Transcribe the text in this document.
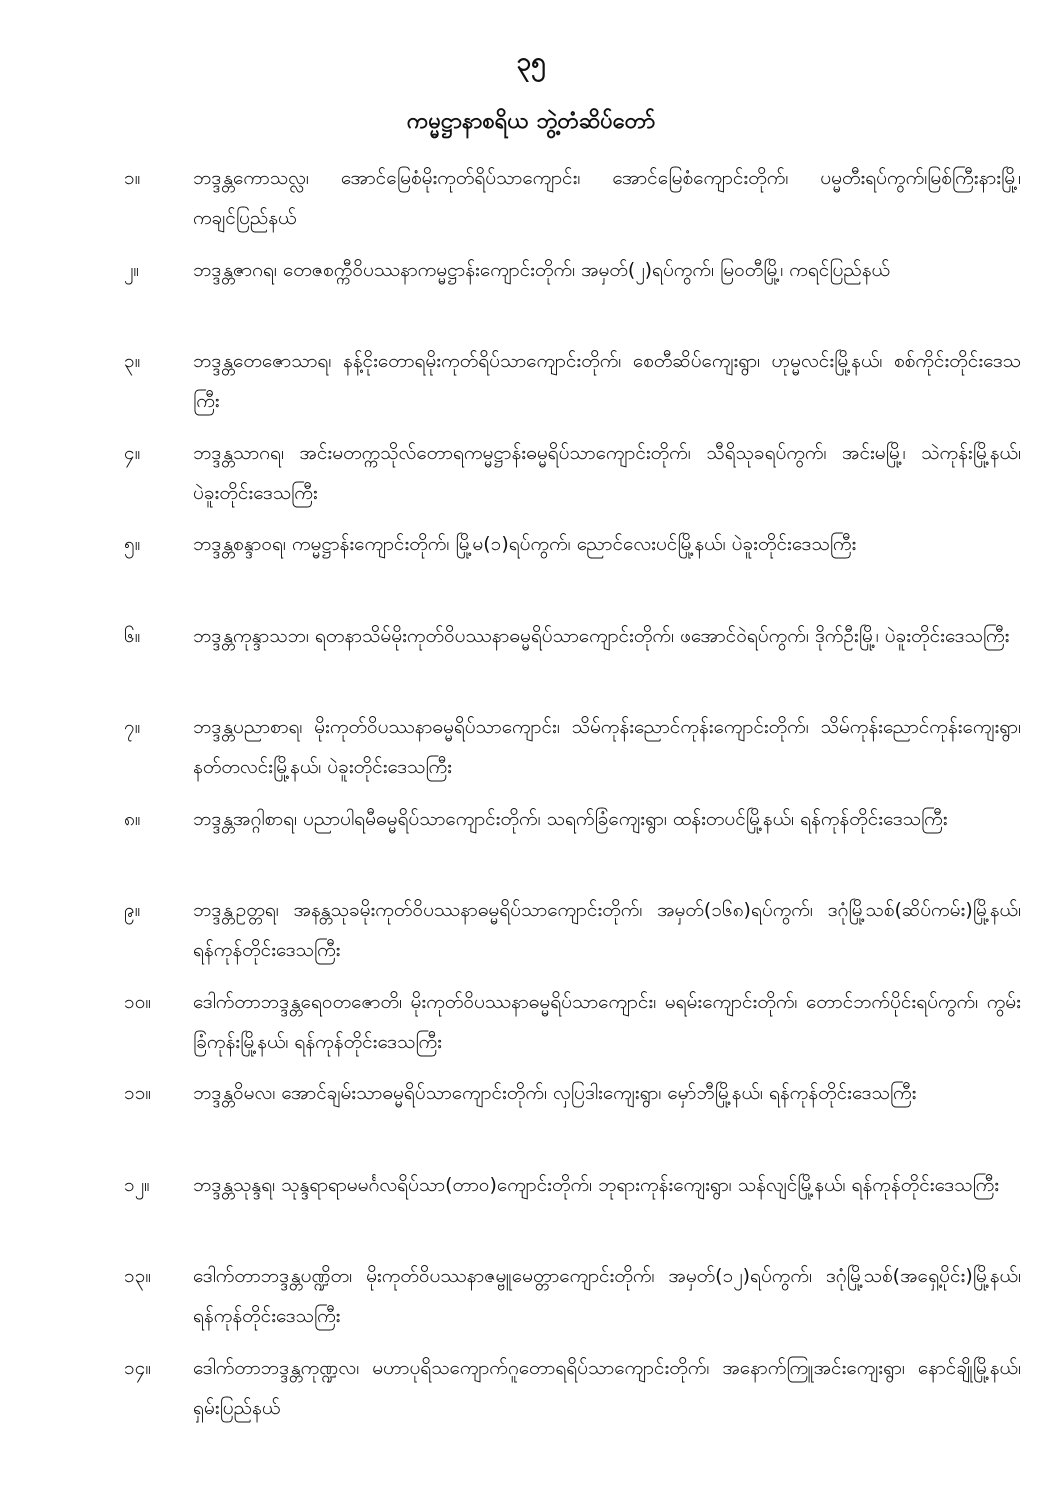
၃၅
ကမ္မဋ္ဌာနာစရိယ ဘွဲ့တံဆိပ်တော်
၁။	ဘဒ္ဒန္တကောသလ္လ၊ အောင်မြေစံမိုးကုတ်ရိပ်သာကျောင်း၊ အောင်မြေစံကျောင်းတိုက်၊ ပမ္မတီးရပ်ကွက်၊မြစ်ကြီးနားမြို့၊ ကချင်ပြည်နယ်
၂။	ဘဒ္ဒန္တဇာဂရ၊ တေဇစက္ကီဝိပဿနာကမ္မဋ္ဌာန်းကျောင်းတိုက်၊ အမှတ်(၂)ရပ်ကွက်၊ မြဝတီမြို့၊ ကရင်ပြည်နယ်
၃။	ဘဒ္ဒန္တတေဇောသာရ၊ နန့်ငိုးတောရမိုးကုတ်ရိပ်သာကျောင်းတိုက်၊ စေတီဆိပ်ကျေးရွာ၊ ဟုမ္မလင်းမြို့နယ်၊ စစ်ကိုင်းတိုင်းဒေသကြီး
၄။	ဘဒ္ဒန္တသာဂရ၊ အင်းမတက္ကသိုလ်တောရကမ္မဋ္ဌာန်းဓမ္မရိပ်သာကျောင်းတိုက်၊ သီရိသုခရပ်ကွက်၊ အင်းမမြို့၊ သဲကုန်းမြို့နယ်၊ ပဲခူးတိုင်းဒေသကြီး
၅။	ဘဒ္ဒန္တစန္ဒာဝရ၊ ကမ္မဋ္ဌာန်းကျောင်းတိုက်၊ မြို့မ(၁)ရပ်ကွက်၊ ညောင်လေးပင်မြို့နယ်၊ ပဲခူးတိုင်းဒေသကြီး
၆။	ဘဒ္ဒန္တကုန္ဒာသဘ၊ ရတနာသိမ်မိုးကုတ်ဝိပဿနာဓမ္မရိပ်သာကျောင်းတိုက်၊ ဖအောင်ဝဲရပ်ကွက်၊ ဒိုက်ဦးမြို့၊ ပဲခူးတိုင်းဒေသကြီး
၇။	ဘဒ္ဒန္တပညာစာရ၊ မိုးကုတ်ဝိပဿနာဓမ္မရိပ်သာကျောင်း၊ သိမ်ကုန်းညောင်ကုန်းကျောင်းတိုက်၊ သိမ်ကုန်းညောင်ကုန်းကျေးရွာ၊ နတ်တလင်းမြို့နယ်၊ ပဲခူးတိုင်းဒေသကြီး
၈။	ဘဒ္ဒန္တအဂ္ဂါစာရ၊ ပညာပါရမီဓမ္မရိပ်သာကျောင်းတိုက်၊ သရက်ခြံကျေးရွာ၊ ထန်းတပင်မြို့နယ်၊ ရန်ကုန်တိုင်းဒေသကြီး
၉။	ဘဒ္ဒန္တဥတ္တရ၊ အနန္တသုခမိုးကုတ်ဝိပဿနာဓမ္မရိပ်သာကျောင်းတိုက်၊ အမှတ်(၁၆၈)ရပ်ကွက်၊ ဒဂုံမြို့သစ်(ဆိပ်ကမ်း)မြို့နယ်၊ ရန်ကုန်တိုင်းဒေသကြီး
၁၀။	ဒေါက်တာဘဒ္ဒန္တရေဝတဇောတိ၊ မိုးကုတ်ဝိပဿနာဓမ္မရိပ်သာကျောင်း၊ မရမ်းကျောင်းတိုက်၊ တောင်ဘက်ပိုင်းရပ်ကွက်၊ ကွမ်းခြံကုန်းမြို့နယ်၊ ရန်ကုန်တိုင်းဒေသကြီး
၁၁။	ဘဒ္ဒန္တဝိမလ၊ အောင်ချမ်းသာဓမ္မရိပ်သာကျောင်းတိုက်၊ လှပြဒါးကျေးရွာ၊ မှော်ဘီမြို့နယ်၊ ရန်ကုန်တိုင်းဒေသကြီး
၁၂။	ဘဒ္ဒန္တသုန္ဒရ၊ သုန္ဒရာရာမမင်္ဂလရိပ်သာ(တာဝ)ကျောင်းတိုက်၊ ဘုရားကုန်းကျေးရွာ၊ သန်လျင်မြို့နယ်၊ ရန်ကုန်တိုင်းဒေသကြီး
၁၃။	ဒေါက်တာဘဒ္ဒန္တပဏ္ဍိတ၊ မိုးကုတ်ဝိပဿနာဇမ္ဗူမေတ္တာကျောင်းတိုက်၊ အမှတ်(၁၂)ရပ်ကွက်၊ ဒဂုံမြို့သစ်(အရှေ့ပိုင်း)မြို့နယ်၊ ရန်ကုန်တိုင်းဒေသကြီး
၁၄။	ဒေါက်တာဘဒ္ဒန္တကုဏ္ဍလ၊ မဟာပုရိသကျောက်ဂူတောရရိပ်သာကျောင်းတိုက်၊ အနောက်ကြူအင်းကျေးရွာ၊ နောင်ချိုမြို့နယ်၊ ရှမ်းပြည်နယ်
